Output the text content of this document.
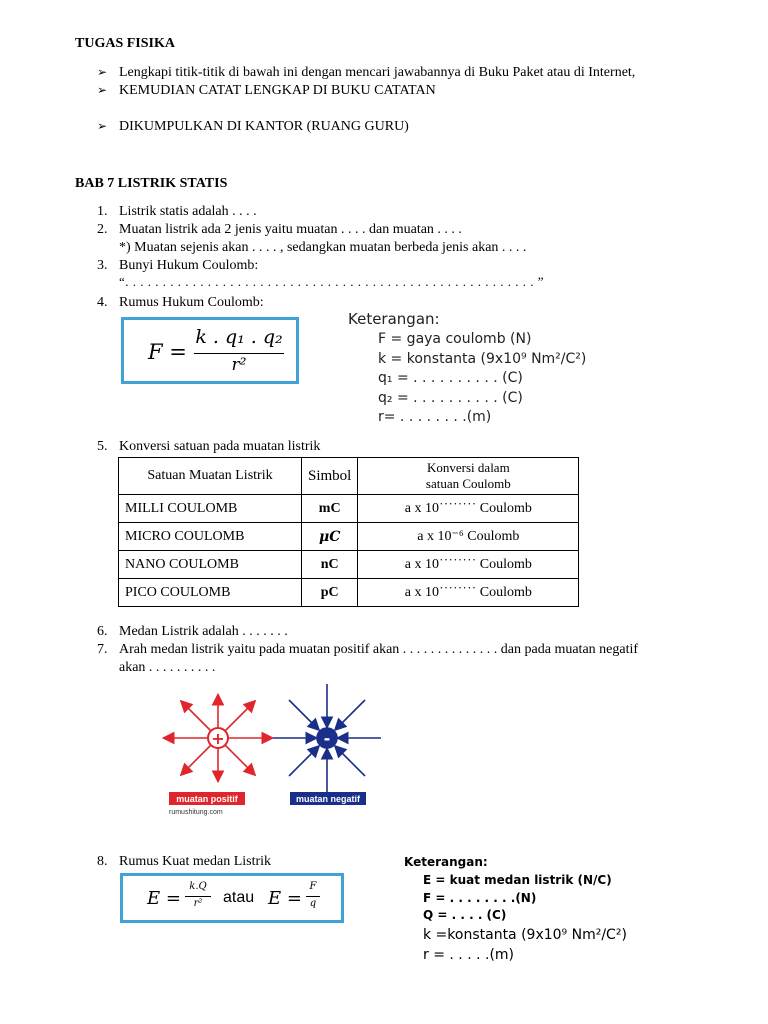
TUGAS FISIKA
➢ Lengkapi titik-titik di bawah ini dengan mencari jawabannya di Buku Paket atau di Internet,
➢ KEMUDIAN CATAT LENGKAP DI BUKU CATATAN
➢ DIKUMPULKAN DI KANTOR (RUANG GURU)
BAB 7 LISTRIK STATIS
1. Listrik statis adalah . . . .
2. Muatan listrik ada 2 jenis yaitu muatan . . . . dan muatan . . . .
*) Muatan sejenis akan . . . . , sedangkan muatan berbeda jenis akan . . . .
3. Bunyi Hukum Coulomb:
“. . . . . . . . . . . . . . . . . . . . . . . . . . . . . . . . . . . . . . . . . . . . . . . . . . . . . . . ”
4. Rumus Hukum Coulomb:
F =
k . q₁ . q₂
r²
Keterangan:
F = gaya coulomb (N)
k = konstanta (9x10⁹ Nm²/C²)
q₁ = . . . . . . . . . . (C)
q₂ = . . . . . . . . . . (C)
r= . . . . . . . .(m)
5. Konversi satuan pada muatan listrik
Satuan Muatan Listrik	Simbol	Konversi dalam
satuan Coulomb

MILLI COULOMB	mC	a x 10˙˙˙˙˙˙˙˙ Coulomb
MICRO COULOMB	μC	a x 10⁻⁶ Coulomb
NANO COULOMB	nC	a x 10˙˙˙˙˙˙˙˙ Coulomb
PICO COULOMB	pC	a x 10˙˙˙˙˙˙˙˙ Coulomb
6. Medan Listrik adalah . . . . . . .
7. Arah medan listrik yaitu pada muatan positif akan . . . . . . . . . . . . . . dan pada muatan negatif
akan . . . . . . . . . .
+	-
muatan positif	muatan negatif
rumushitung.com
8. Rumus Kuat medan Listrik
E =
k.Q
r²	atau E =
F
q
Keterangan:
E = kuat medan listrik (N/C)
F = . . . . . . . .(N)
Q = . . . . (C)
k =konstanta (9x10⁹ Nm²/C²)
r = . . . . .(m)
